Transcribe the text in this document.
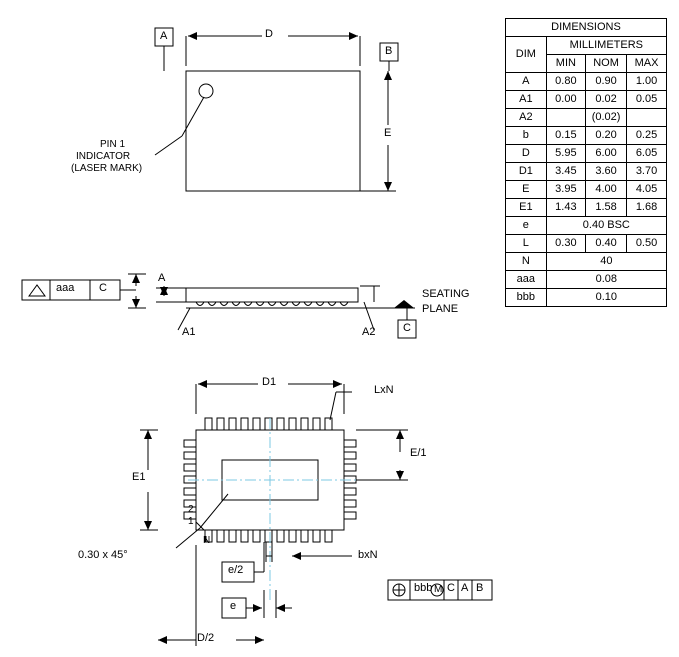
DIMENSIONS			
DIM	MILLIMETERS		
	MIN	NOM	MAX
A	0.80	0.90	1.00
A1	0.00	0.02	0.05
A2		(0.02)	
b	0.15	0.20	0.25
D	5.95	6.00	6.05
D1	3.45	3.60	3.70
E	3.95	4.00	4.05
E1	1.43	1.58	1.68
e	0.40 BSC		
L	0.30	0.40	0.50
N	40		
aaa	0.08		
bbb	0.10		
A
B
D
E
PIN 1
INDICATOR
(LASER MARK)
aaa C
A
A1	A2	C
SEATING
PLANE
D1
LxN
E/1
E1
2
1
N
0.30 x 45°	bxN
e/2
e
D/2
bbb M C A B
